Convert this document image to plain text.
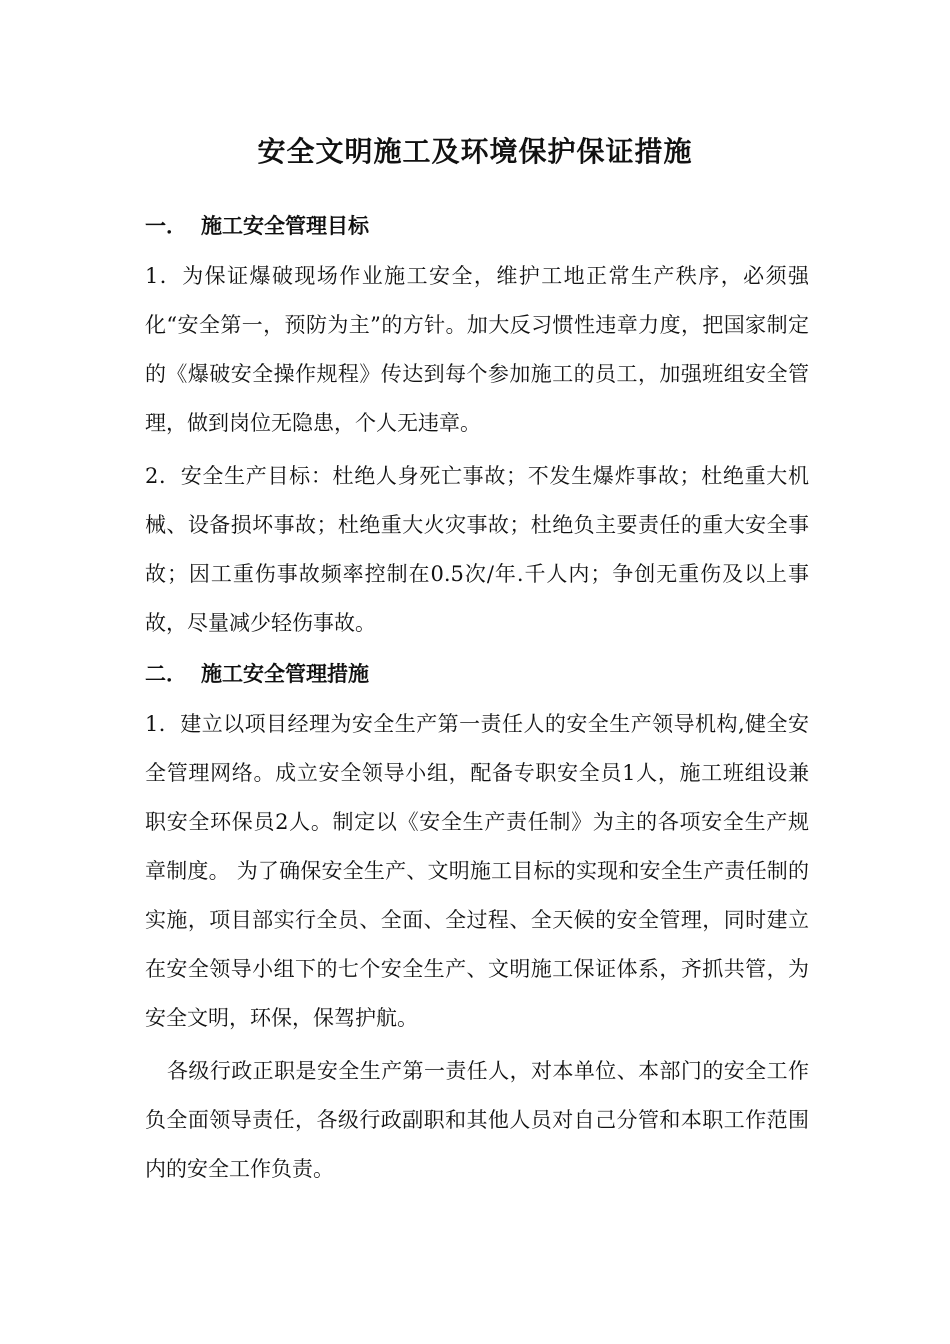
安全文明施工及环境保护保证措施
一． 施工安全管理目标

1．为保证爆破现场作业施工安全，维护工地正常生产秩序，必须强化“安全第一，预防为主”的方针。加大反习惯性违章力度，把国家制定的《爆破安全操作规程》传达到每个参加施工的员工，加强班组安全管理，做到岗位无隐患，个人无违章。

2．安全生产目标：杜绝人身死亡事故；不发生爆炸事故；杜绝重大机械、设备损坏事故；杜绝重大火灾事故；杜绝负主要责任的重大安全事故；因工重伤事故频率控制在0.5次/年.千人内；争创无重伤及以上事故，尽量减少轻伤事故。

二． 施工安全管理措施

1．建立以项目经理为安全生产第一责任人的安全生产领导机构,健全安全管理网络。成立安全领导小组，配备专职安全员1人，施工班组设兼职安全环保员2人。制定以《安全生产责任制》为主的各项安全生产规章制度。 为了确保安全生产、文明施工目标的实现和安全生产责任制的实施，项目部实行全员、全面、全过程、全天候的安全管理，同时建立在安全领导小组下的七个安全生产、文明施工保证体系，齐抓共管，为安全文明，环保，保驾护航。

各级行政正职是安全生产第一责任人，对本单位、本部门的安全工作负全面领导责任，各级行政副职和其他人员对自己分管和本职工作范围内的安全工作负责。
